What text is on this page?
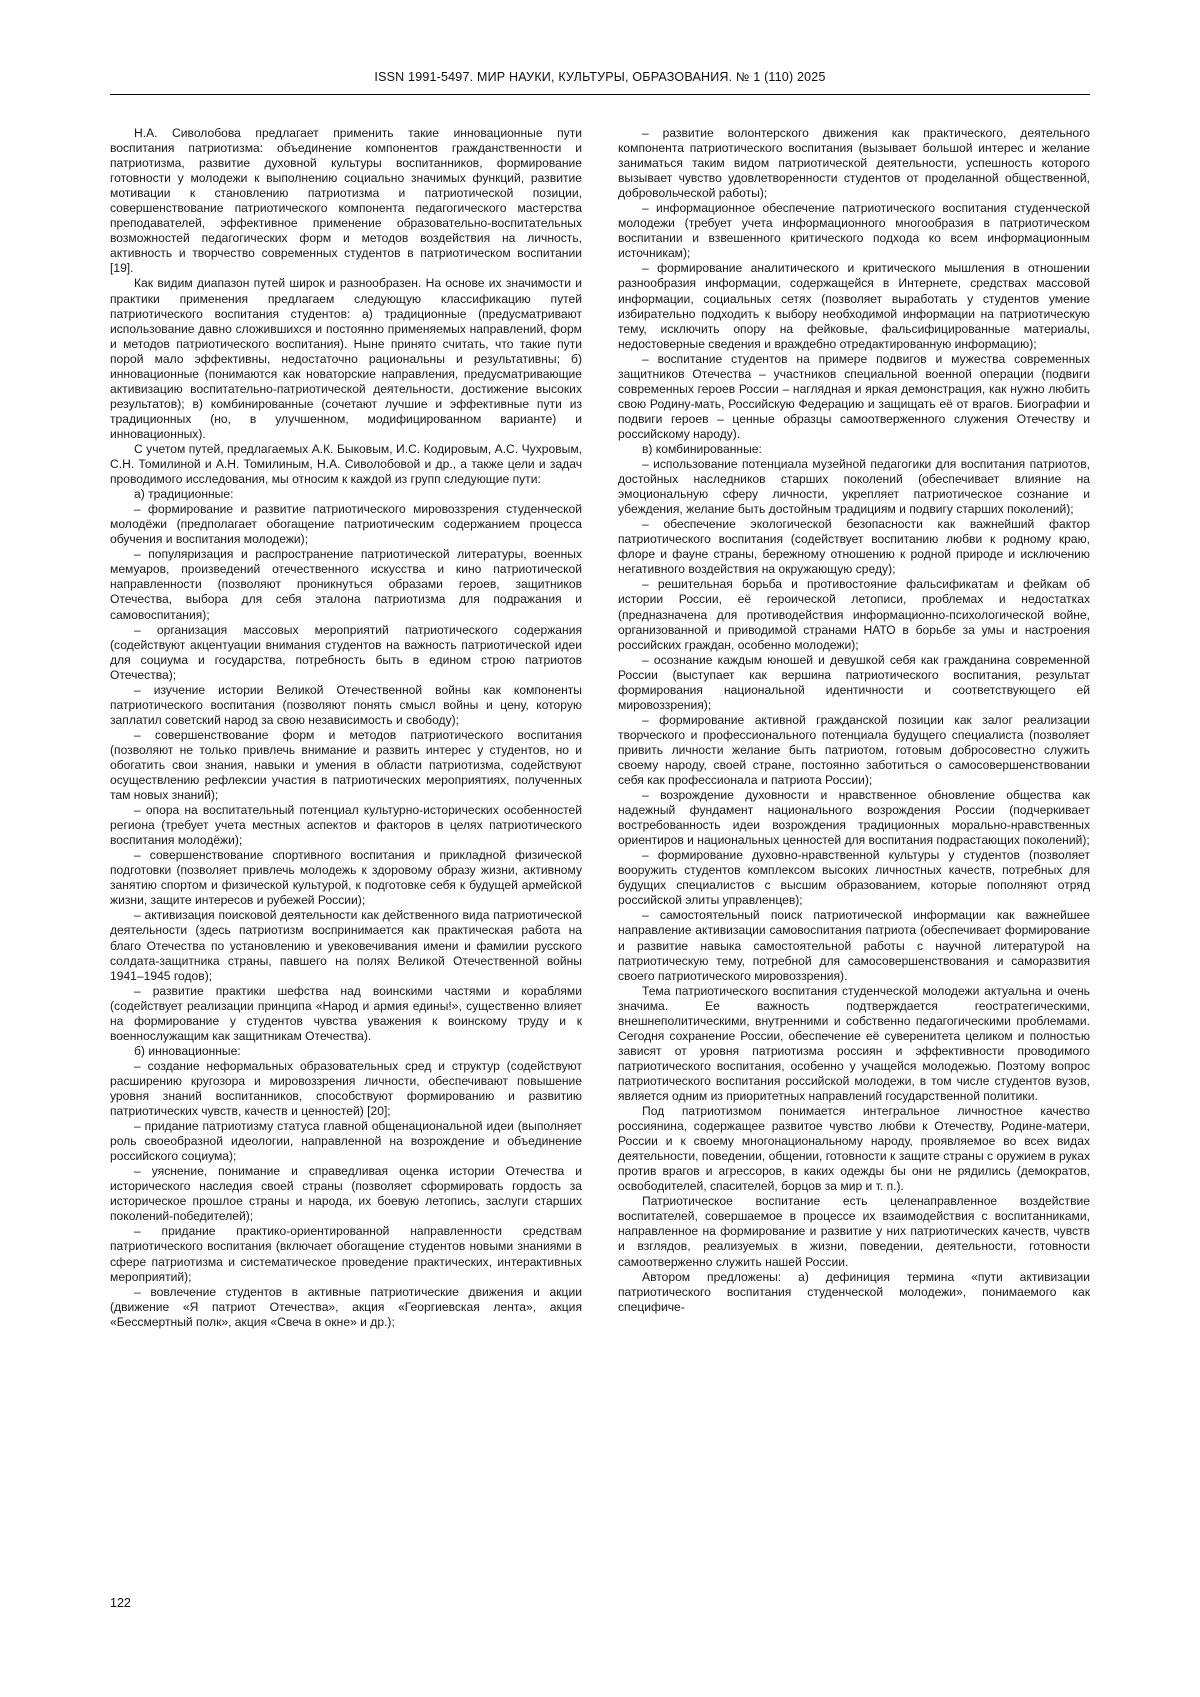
ISSN 1991-5497. МИР НАУКИ, КУЛЬТУРЫ, ОБРАЗОВАНИЯ. № 1 (110) 2025

Н.А. Сиволобова предлагает применить такие инновационные пути воспитания патриотизма: объединение компонентов гражданственности и патриотизма, развитие духовной культуры воспитанников, формирование готовности у молодежи к выполнению социально значимых функций, развитие мотивации к становлению патриотизма и патриотической позиции, совершенствование патриотического компонента педагогического мастерства преподавателей, эффективное применение образовательно-воспитательных возможностей педагогических форм и методов воздействия на личность, активность и творчество современных студентов в патриотическом воспитании [19].

Как видим диапазон путей широк и разнообразен. На основе их значимости и практики применения предлагаем следующую классификацию путей патриотического воспитания студентов: а) традиционные (предусматривают использование давно сложившихся и постоянно применяемых направлений, форм и методов патриотического воспитания). Ныне принято считать, что такие пути порой мало эффективны, недостаточно рациональны и результативны; б) инновационные (понимаются как новаторские направления, предусматривающие активизацию воспитательно-патриотической деятельности, достижение высоких результатов); в) комбинированные (сочетают лучшие и эффективные пути из традиционных (но, в улучшенном, модифицированном варианте) и инновационных).

С учетом путей, предлагаемых А.К. Быковым, И.С. Кодировым, А.С. Чухровым, С.Н. Томилиной и А.Н. Томилиным, Н.А. Сиволобовой и др., а также цели и задач проводимого исследования, мы относим к каждой из групп следующие пути:

а) традиционные:

– формирование и развитие патриотического мировоззрения студенческой молодёжи (предполагает обогащение патриотическим содержанием процесса обучения и воспитания молодежи);

– популяризация и распространение патриотической литературы, военных мемуаров, произведений отечественного искусства и кино патриотической направленности (позволяют проникнуться образами героев, защитников Отечества, выбора для себя эталона патриотизма для подражания и самовоспитания);

– организация массовых мероприятий патриотического содержания (содействуют акцентуации внимания студентов на важность патриотической идеи для социума и государства, потребность быть в едином строю патриотов Отечества);

– изучение истории Великой Отечественной войны как компоненты патриотического воспитания (позволяют понять смысл войны и цену, которую заплатил советский народ за свою независимость и свободу);

– совершенствование форм и методов патриотического воспитания (позволяют не только привлечь внимание и развить интерес у студентов, но и обогатить свои знания, навыки и умения в области патриотизма, содействуют осуществлению рефлексии участия в патриотических мероприятиях, полученных там новых знаний);

– опора на воспитательный потенциал культурно-исторических особенностей региона (требует учета местных аспектов и факторов в целях патриотического воспитания молодёжи);

– совершенствование спортивного воспитания и прикладной физической подготовки (позволяет привлечь молодежь к здоровому образу жизни, активному занятию спортом и физической культурой, к подготовке себя к будущей армейской жизни, защите интересов и рубежей России);

– активизация поисковой деятельности как действенного вида патриотической деятельности (здесь патриотизм воспринимается как практическая работа на благо Отечества по установлению и увековечивания имени и фамилии русского солдата-защитника страны, павшего на полях Великой Отечественной войны 1941–1945 годов);

– развитие практики шефства над воинскими частями и кораблями (содействует реализации принципа «Народ и армия едины!», существенно влияет на формирование у студентов чувства уважения к воинскому труду и к военнослужащим как защитникам Отечества).

б) инновационные:

– создание неформальных образовательных сред и структур (содействуют расширению кругозора и мировоззрения личности, обеспечивают повышение уровня знаний воспитанников, способствуют формированию и развитию патриотических чувств, качеств и ценностей) [20];

– придание патриотизму статуса главной общенациональной идеи (выполняет роль своеобразной идеологии, направленной на возрождение и объединение российского социума);

– уяснение, понимание и справедливая оценка истории Отечества и исторического наследия своей страны (позволяет сформировать гордость за историческое прошлое страны и народа, их боевую летопись, заслуги старших поколений-победителей);

– придание практико-ориентированной направленности средствам патриотического воспитания (включает обогащение студентов новыми знаниями в сфере патриотизма и систематическое проведение практических, интерактивных мероприятий);

– вовлечение студентов в активные патриотические движения и акции (движение «Я патриот Отечества», акция «Георгиевская лента», акция «Бессмертный полк», акция «Свеча в окне» и др.);

– развитие волонтерского движения как практического, деятельного компонента патриотического воспитания (вызывает большой интерес и желание заниматься таким видом патриотической деятельности, успешность которого вызывает чувство удовлетворенности студентов от проделанной общественной, добровольческой работы);

– информационное обеспечение патриотического воспитания студенческой молодежи (требует учета информационного многообразия в патриотическом воспитании и взвешенного критического подхода ко всем информационным источникам);

– формирование аналитического и критического мышления в отношении разнообразия информации, содержащейся в Интернете, средствах массовой информации, социальных сетях (позволяет выработать у студентов умение избирательно подходить к выбору необходимой информации на патриотическую тему, исключить опору на фейковые, фальсифицированные материалы, недостоверные сведения и враждебно отредактированную информацию);

– воспитание студентов на примере подвигов и мужества современных защитников Отечества – участников специальной военной операции (подвиги современных героев России – наглядная и яркая демонстрация, как нужно любить свою Родину-мать, Российскую Федерацию и защищать её от врагов. Биографии и подвиги героев – ценные образцы самоотверженного служения Отечеству и российскому народу).

в) комбинированные:

– использование потенциала музейной педагогики для воспитания патриотов, достойных наследников старших поколений (обеспечивает влияние на эмоциональную сферу личности, укрепляет патриотическое сознание и убеждения, желание быть достойным традициям и подвигу старших поколений);

– обеспечение экологической безопасности как важнейший фактор патриотического воспитания (содействует воспитанию любви к родному краю, флоре и фауне страны, бережному отношению к родной природе и исключению негативного воздействия на окружающую среду);

– решительная борьба и противостояние фальсификатам и фейкам об истории России, её героической летописи, проблемах и недостатках (предназначена для противодействия информационно-психологической войне, организованной и приводимой странами НАТО в борьбе за умы и настроения российских граждан, особенно молодежи);

– осознание каждым юношей и девушкой себя как гражданина современной России (выступает как вершина патриотического воспитания, результат формирования национальной идентичности и соответствующего ей мировоззрения);

– формирование активной гражданской позиции как залог реализации творческого и профессионального потенциала будущего специалиста (позволяет привить личности желание быть патриотом, готовым добросовестно служить своему народу, своей стране, постоянно заботиться о самосовершенствовании себя как профессионала и патриота России);

– возрождение духовности и нравственное обновление общества как надежный фундамент национального возрождения России (подчеркивает востребованность идеи возрождения традиционных морально-нравственных ориентиров и национальных ценностей для воспитания подрастающих поколений);

– формирование духовно-нравственной культуры у студентов (позволяет вооружить студентов комплексом высоких личностных качеств, потребных для будущих специалистов с высшим образованием, которые пополняют отряд российской элиты управленцев);

– самостоятельный поиск патриотической информации как важнейшее направление активизации самовоспитания патриота (обеспечивает формирование и развитие навыка самостоятельной работы с научной литературой на патриотическую тему, потребной для самосовершенствования и саморазвития своего патриотического мировоззрения).

Тема патриотического воспитания студенческой молодежи актуальна и очень значима. Ее важность подтверждается геостратегическими, внешнеполитическими, внутренними и собственно педагогическими проблемами. Сегодня сохранение России, обеспечение её суверенитета целиком и полностью зависят от уровня патриотизма россиян и эффективности проводимого патриотического воспитания, особенно у учащейся молодежью. Поэтому вопрос патриотического воспитания российской молодежи, в том числе студентов вузов, является одним из приоритетных направлений государственной политики.

Под патриотизмом понимается интегральное личностное качество россиянина, содержащее развитое чувство любви к Отечеству, Родине-матери, России и к своему многонациональному народу, проявляемое во всех видах деятельности, поведении, общении, готовности к защите страны с оружием в руках против врагов и агрессоров, в каких одежды бы они не рядились (демократов, освободителей, спасителей, борцов за мир и т. п.).

Патриотическое воспитание есть целенаправленное воздействие воспитателей, совершаемое в процессе их взаимодействия с воспитанниками, направленное на формирование и развитие у них патриотических качеств, чувств и взглядов, реализуемых в жизни, поведении, деятельности, готовности самоотверженно служить нашей России.

Автором предложены: а) дефиниция термина «пути активизации патриотического воспитания студенческой молодежи», понимаемого как специфиче-

122
